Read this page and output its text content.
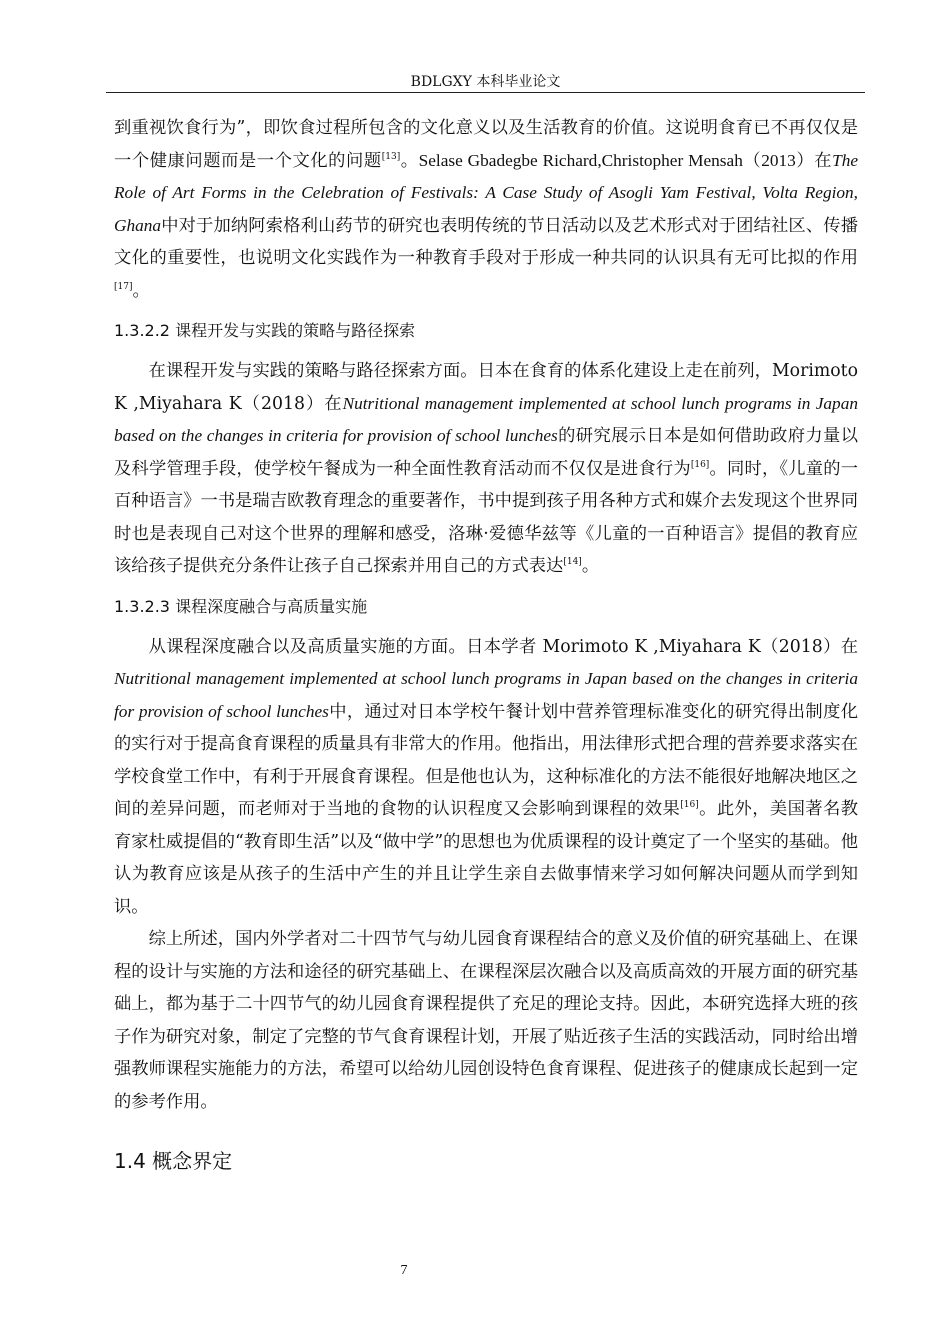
BDLGXY 本科毕业论文

到重视饮食行为”，即饮食过程所包含的文化意义以及生活教育的价值。这说明食育已不再仅仅是一个健康问题而是一个文化的问题[13]。Selase Gbadegbe Richard,Christopher Mensah（2013）在The Role of Art Forms in the Celebration of Festivals: A Case Study of Asogli Yam Festival, Volta Region, Ghana中对于加纳阿索格利山药节的研究也表明传统的节日活动以及艺术形式对于团结社区、传播文化的重要性，也说明文化实践作为一种教育手段对于形成一种共同的认识具有无可比拟的作用[17]。

1.3.2.2 课程开发与实践的策略与路径探索

在课程开发与实践的策略与路径探索方面。日本在食育的体系化建设上走在前列，Morimoto K ,Miyahara K（2018）在Nutritional management implemented at school lunch programs in Japan based on the changes in criteria for provision of school lunches的研究展示日本是如何借助政府力量以及科学管理手段，使学校午餐成为一种全面性教育活动而不仅仅是进食行为[16]。同时，《儿童的一百种语言》一书是瑞吉欧教育理念的重要著作，书中提到孩子用各种方式和媒介去发现这个世界同时也是表现自己对这个世界的理解和感受，洛琳·爱德华兹等《儿童的一百种语言》提倡的教育应该给孩子提供充分条件让孩子自己探索并用自己的方式表达[14]。

1.3.2.3 课程深度融合与高质量实施

从课程深度融合以及高质量实施的方面。日本学者 Morimoto K ,Miyahara K（2018）在Nutritional management implemented at school lunch programs in Japan based on the changes in criteria for provision of school lunches中，通过对日本学校午餐计划中营养管理标准变化的研究得出制度化的实行对于提高食育课程的质量具有非常大的作用。他指出，用法律形式把合理的营养要求落实在学校食堂工作中，有利于开展食育课程。但是他也认为，这种标准化的方法不能很好地解决地区之间的差异问题，而老师对于当地的食物的认识程度又会影响到课程的效果[16]。此外，美国著名教育家杜威提倡的“教育即生活”以及“做中学”的思想也为优质课程的设计奠定了一个坚实的基础。他认为教育应该是从孩子的生活中产生的并且让学生亲自去做事情来学习如何解决问题从而学到知识。

综上所述，国内外学者对二十四节气与幼儿园食育课程结合的意义及价值的研究基础上、在课程的设计与实施的方法和途径的研究基础上、在课程深层次融合以及高质高效的开展方面的研究基础上，都为基于二十四节气的幼儿园食育课程提供了充足的理论支持。因此，本研究选择大班的孩子作为研究对象，制定了完整的节气食育课程计划，开展了贴近孩子生活的实践活动，同时给出增强教师课程实施能力的方法，希望可以给幼儿园创设特色食育课程、促进孩子的健康成长起到一定的参考作用。

1.4 概念界定
7
